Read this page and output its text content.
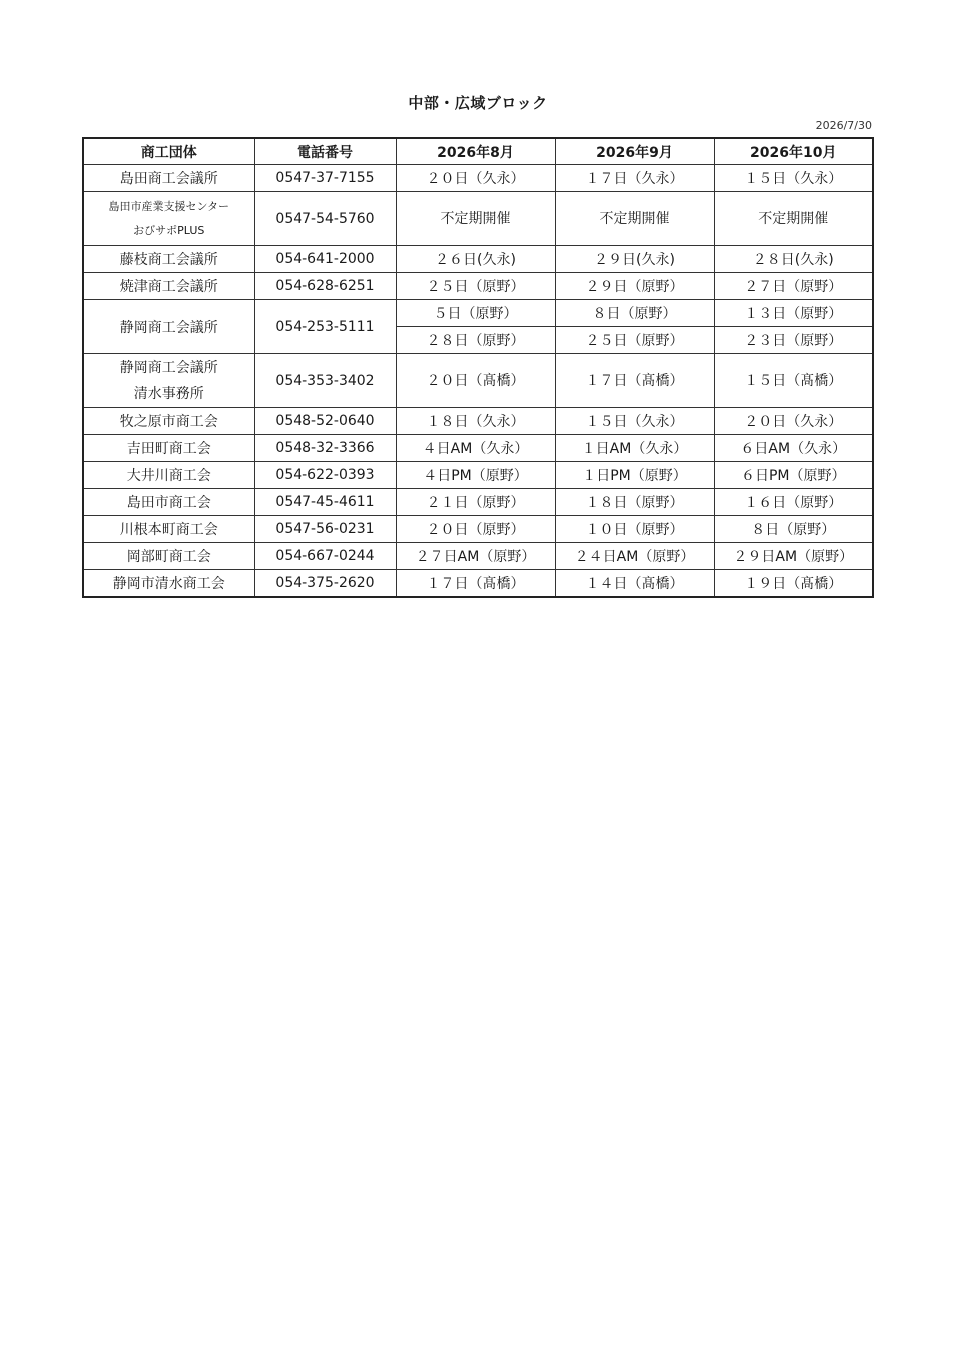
中部・広域ブロック
2026/7/30
商工団体	電話番号	2026年8月	2026年9月	2026年10月
島田商工会議所	0547-37-7155	２０日（久永）	１７日（久永）	１５日（久永）
島田市産業支援センター
おびサポPLUS	0547-54-5760	不定期開催	不定期開催	不定期開催
藤枝商工会議所	054-641-2000	２６日(久永)	２９日(久永)	２８日(久永)
焼津商工会議所	054-628-6251	２５日（原野）	２９日（原野）	２７日（原野）
静岡商工会議所	054-253-5111	５日（原野）	８日（原野）	１３日（原野）
		２８日（原野）	２５日（原野）	２３日（原野）
静岡商工会議所
清水事務所	054-353-3402	２０日（髙橋）	１７日（髙橋）	１５日（髙橋）
牧之原市商工会	0548-52-0640	１８日（久永）	１５日（久永）	２０日（久永）
吉田町商工会	0548-32-3366	４日AM（久永）	１日AM（久永）	６日AM（久永）
大井川商工会	054-622-0393	４日PM（原野）	１日PM（原野）	６日PM（原野）
島田市商工会	0547-45-4611	２１日（原野）	１８日（原野）	１６日（原野）
川根本町商工会	0547-56-0231	２０日（原野）	１０日（原野）	８日（原野）
岡部町商工会	054-667-0244	２７日AM（原野）	２４日AM（原野）	２９日AM（原野）
静岡市清水商工会	054-375-2620	１７日（髙橋）	１４日（髙橋）	１９日（髙橋）
